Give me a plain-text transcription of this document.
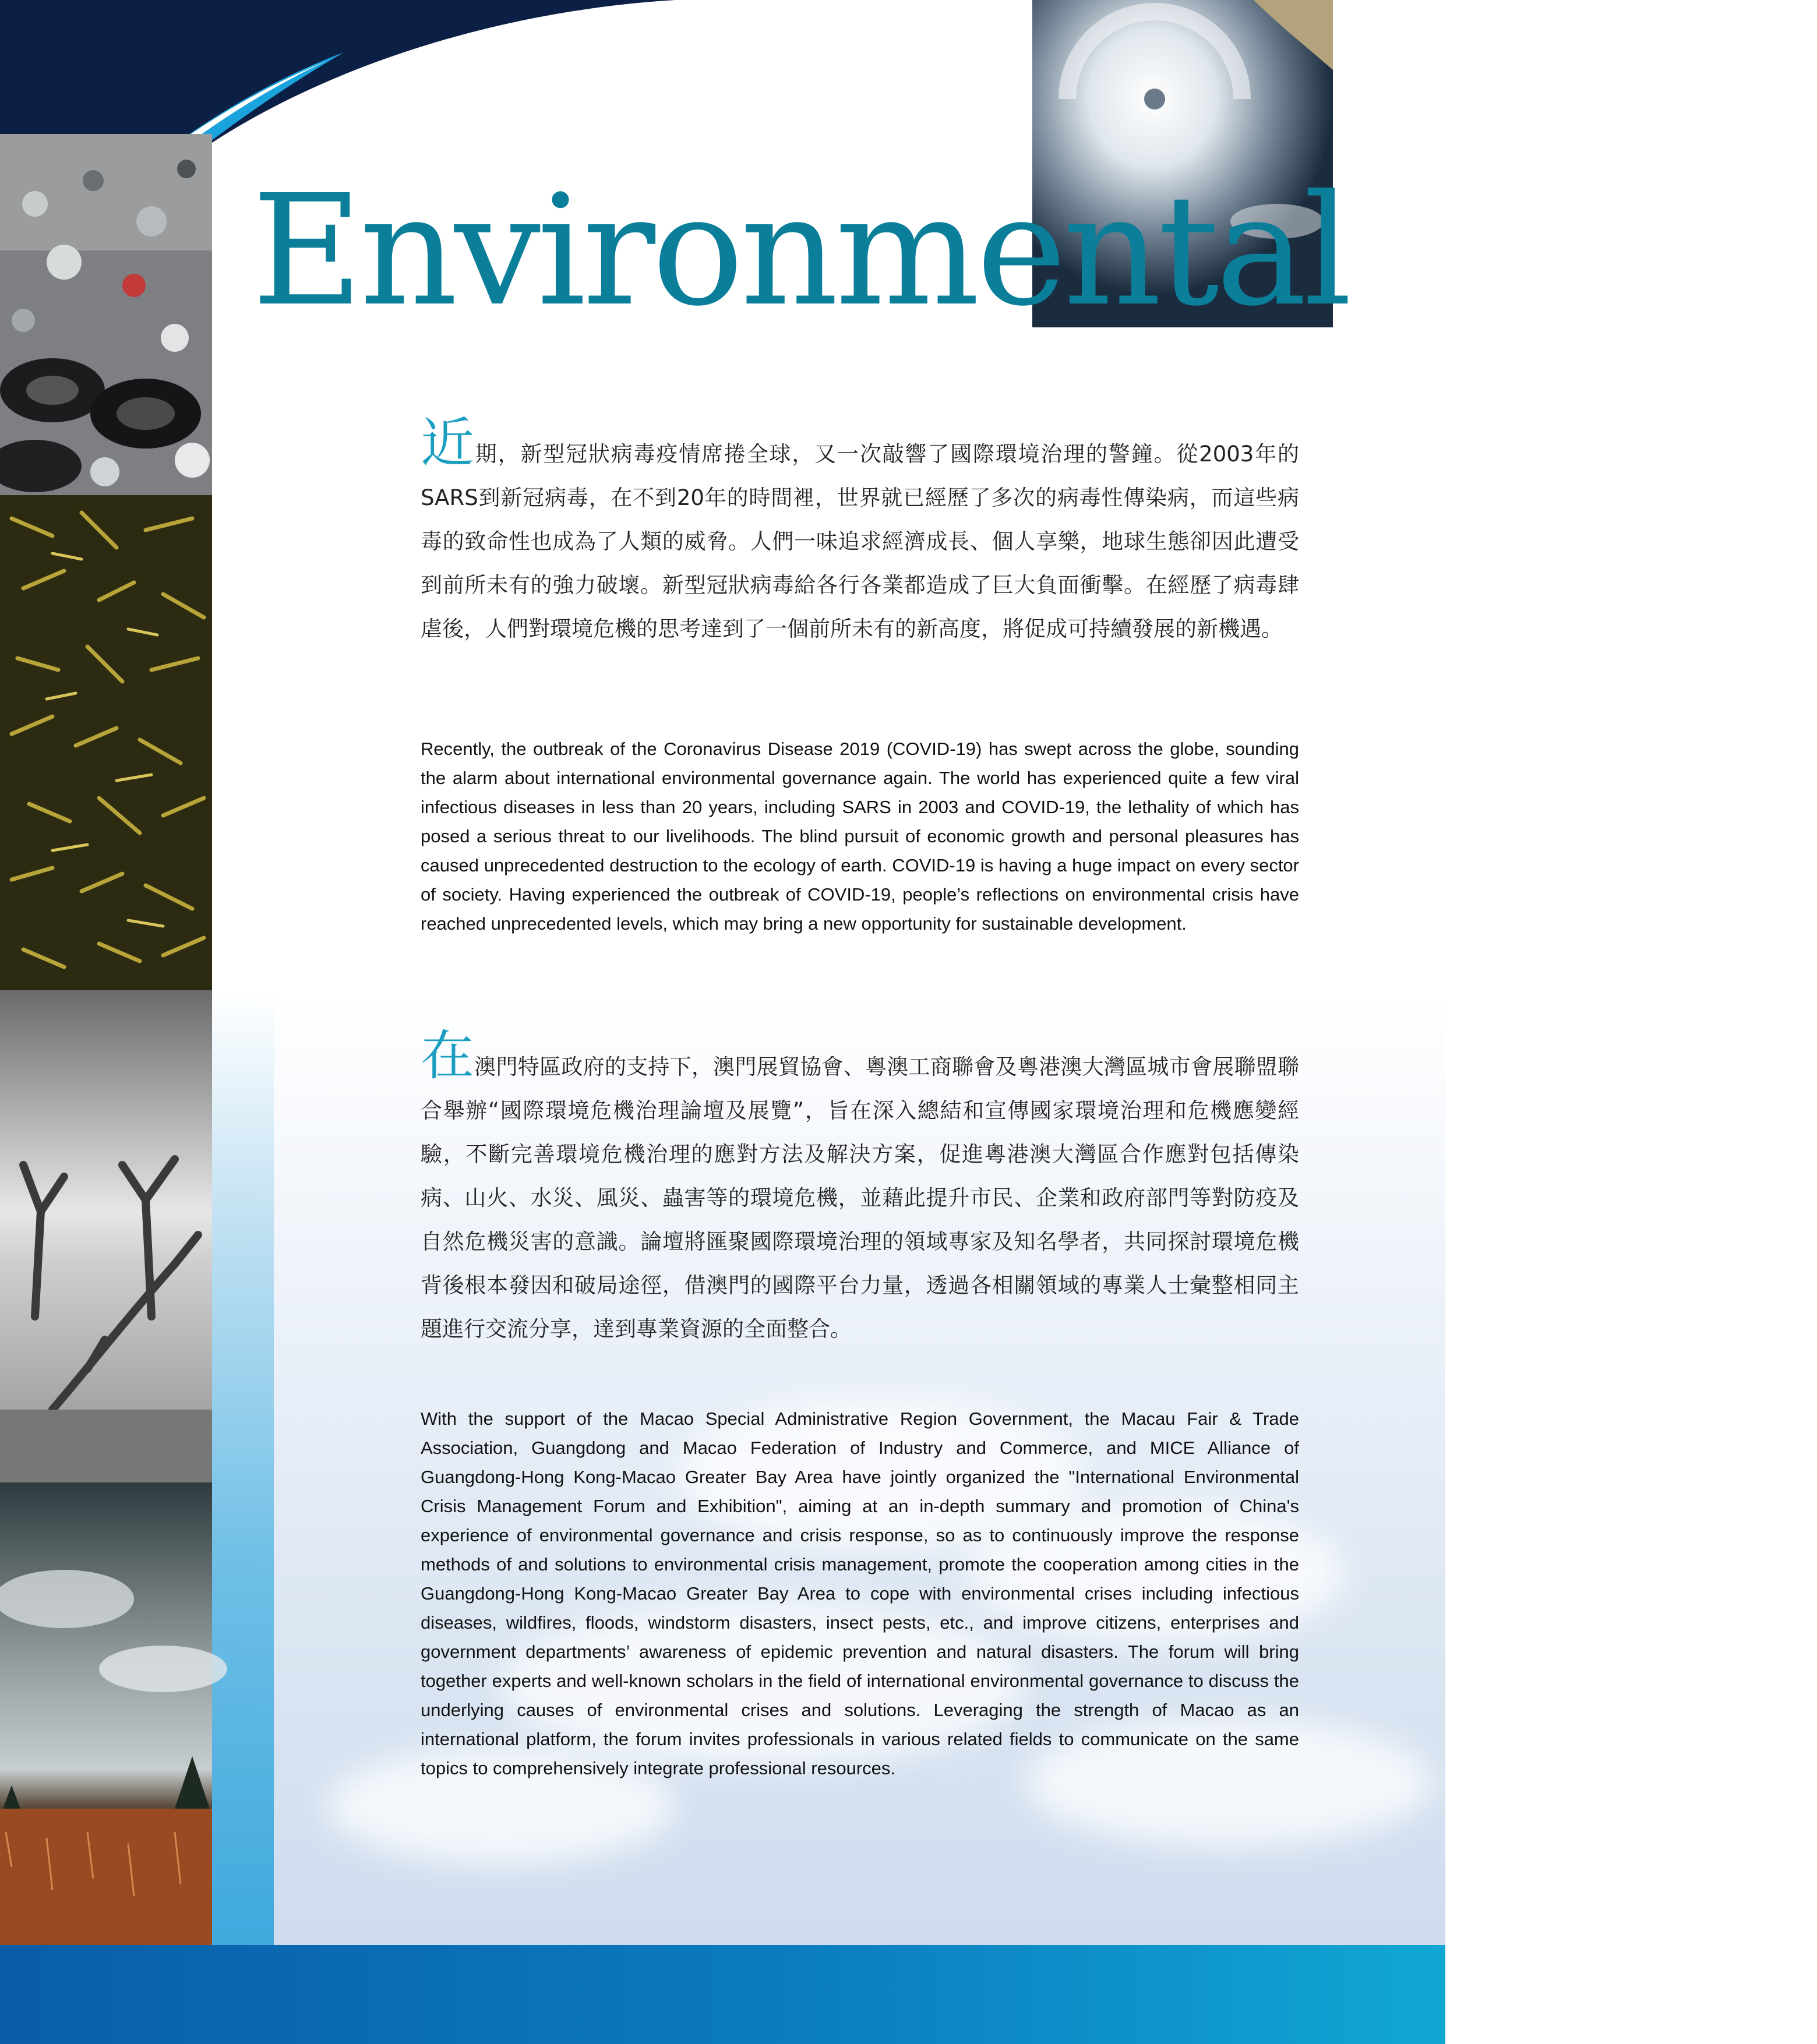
Environmental Crisis

近期，新型冠狀病毒疫情席捲全球，又一次敲響了國際環境治理的警鐘。從2003年的SARS到新冠病毒，在不到20年的時間裡，世界就已經歷了多次的病毒性傳染病，而這些病毒的致命性也成為了人類的威脅。人們一味追求經濟成長、個人享樂，地球生態卻因此遭受到前所未有的強力破壞。新型冠狀病毒給各行各業都造成了巨大負面衝擊。在經歷了病毒肆虐後，人們對環境危機的思考達到了一個前所未有的新高度，將促成可持續發展的新機遇。

Recently, the outbreak of the Coronavirus Disease 2019 (COVID-19) has swept across the globe, sounding the alarm about international environmental governance again. The world has experienced quite a few viral infectious diseases in less than 20 years, including SARS in 2003 and COVID-19, the lethality of which has posed a serious threat to our livelihoods. The blind pursuit of economic growth and personal pleasures has caused unprecedented destruction to the ecology of earth. COVID-19 is having a huge impact on every sector of society. Having experienced the outbreak of COVID-19, people’s reflections on environmental crisis have reached unprecedented levels, which may bring a new opportunity for sustainable development.

在澳門特區政府的支持下，澳門展貿協會、粵澳工商聯會及粵港澳大灣區城市會展聯盟聯合舉辦“國際環境危機治理論壇及展覽”，旨在深入總結和宣傳國家環境治理和危機應變經驗，不斷完善環境危機治理的應對方法及解決方案，促進粵港澳大灣區合作應對包括傳染病、山火、水災、風災、蟲害等的環境危機，並藉此提升市民、企業和政府部門等對防疫及自然危機災害的意識。論壇將匯聚國際環境治理的領域專家及知名學者，共同探討環境危機背後根本發因和破局途徑，借澳門的國際平台力量，透過各相關領域的專業人士彙整相同主題進行交流分享，達到專業資源的全面整合。

With the support of the Macao Special Administrative Region Government, the Macau Fair & Trade Association, Guangdong and Macao Federation of Industry and Commerce, and MICE Alliance of Guangdong-Hong Kong-Macao Greater Bay Area have jointly organized the "International Environmental Crisis Management Forum and Exhibition", aiming at an in-depth summary and promotion of China's experience of environmental governance and crisis response, so as to continuously improve the response methods of and solutions to environmental crisis management, promote the cooperation among cities in the Guangdong-Hong Kong-Macao Greater Bay Area to cope with environmental crises including infectious diseases, wildfires, floods, windstorm disasters, insect pests, etc., and improve citizens, enterprises and government departments’ awareness of epidemic prevention and natural disasters. The forum will bring together experts and well-known scholars in the field of international environmental governance to discuss the underlying causes of environmental crises and solutions. Leveraging the strength of Macao as an international platform, the forum invites professionals in various related fields to communicate on the same topics to comprehensively integrate professional resources.
